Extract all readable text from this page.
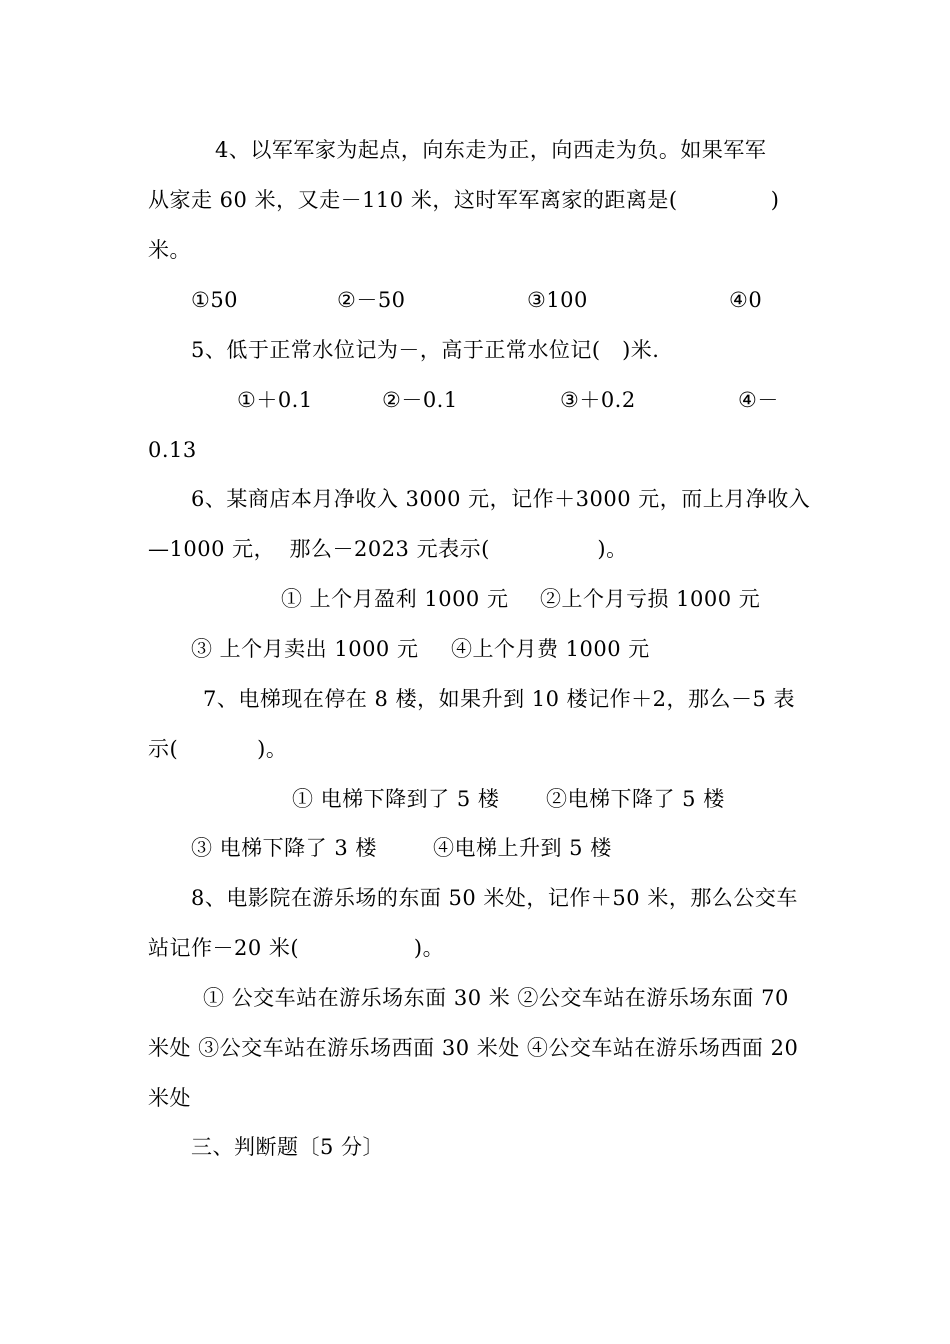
4、以军军家为起点，向东走为正，向西走为负。如果军军
从家走 60 米，又走－110 米，这时军军离家的距离是(             )
米。
①50	②－50	③100	④0
5、低于正常水位记为－，高于正常水位记(   )米.
①＋0.1	②－0.1	③＋0.2	④－
0.13
6、某商店本月净收入 3000 元，记作＋3000 元，而上月净收入
—1000 元，  那么－2023 元表示(               )。
① 上个月盈利 1000 元 ②上个月亏损 1000 元
③ 上个月卖出 1000 元 ④上个月费 1000 元
7、电梯现在停在 8 楼，如果升到 10 楼记作＋2，那么－5 表
示(           )。
① 电梯下降到了 5 楼 ②电梯下降了 5 楼
③ 电梯下降了 3 楼	④电梯上升到 5 楼
8、电影院在游乐场的东面 50 米处，记作＋50 米，那么公交车
站记作－20 米(                )。
① 公交车站在游乐场东面 30 米 ②公交车站在游乐场东面 70
米处 ③公交车站在游乐场西面 30 米处 ④公交车站在游乐场西面 20
米处
三、判断题〔5 分〕
